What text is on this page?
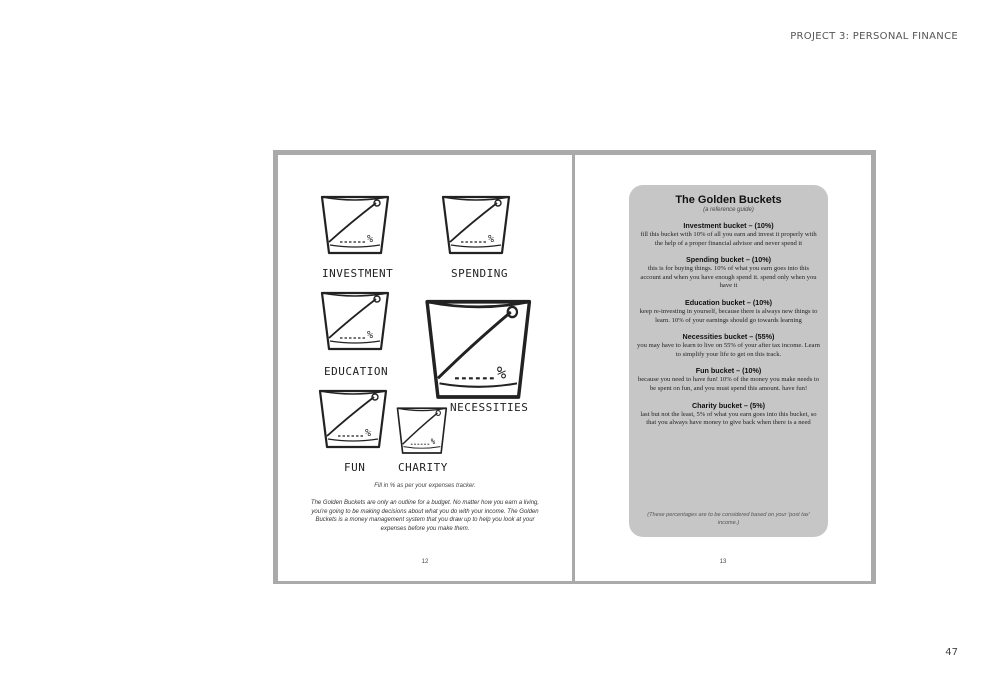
PROJECT 3: PERSONAL FINANCE
%
INVESTMENT	SPENDING
EDUCATION
NECESSITIES
FUN	CHARITY
Fill in % as per your expenses tracker.
The Golden Buckets are only an outline for a budget. No matter how you earn a living, you're going to be making decisions about what you do with your income. The Golden Buckets is a money management system that you draw up to help you look at your expenses before you make them.
12
The Golden Buckets
(a reference guide)
Investment bucket – (10%)
fill this bucket with 10% of all you earn and invest it properly with the help of a proper financial advisor and never spend it
Spending bucket – (10%)
this is for buying things. 10% of what you earn goes into this account and when you have enough spend it. spend only when you have it
Education bucket – (10%)
keep re-investing in yourself, because there is always new things to learn. 10% of your earnings should go towards learning
Necessities bucket – (55%)
you may have to learn to live on 55% of your after tax income. Learn to simplify your life to get on this track.
Fun bucket – (10%)
because you need to have fun! 10% of the money you make needs to be spent on fun, and you must spend this amount. have fun!
Charity bucket – (5%)
last but not the least, 5% of what you earn goes into this bucket, so that you always have money to give back when there is a need
(These percentages are to be considered based on your 'post tax' income.)
13
47
